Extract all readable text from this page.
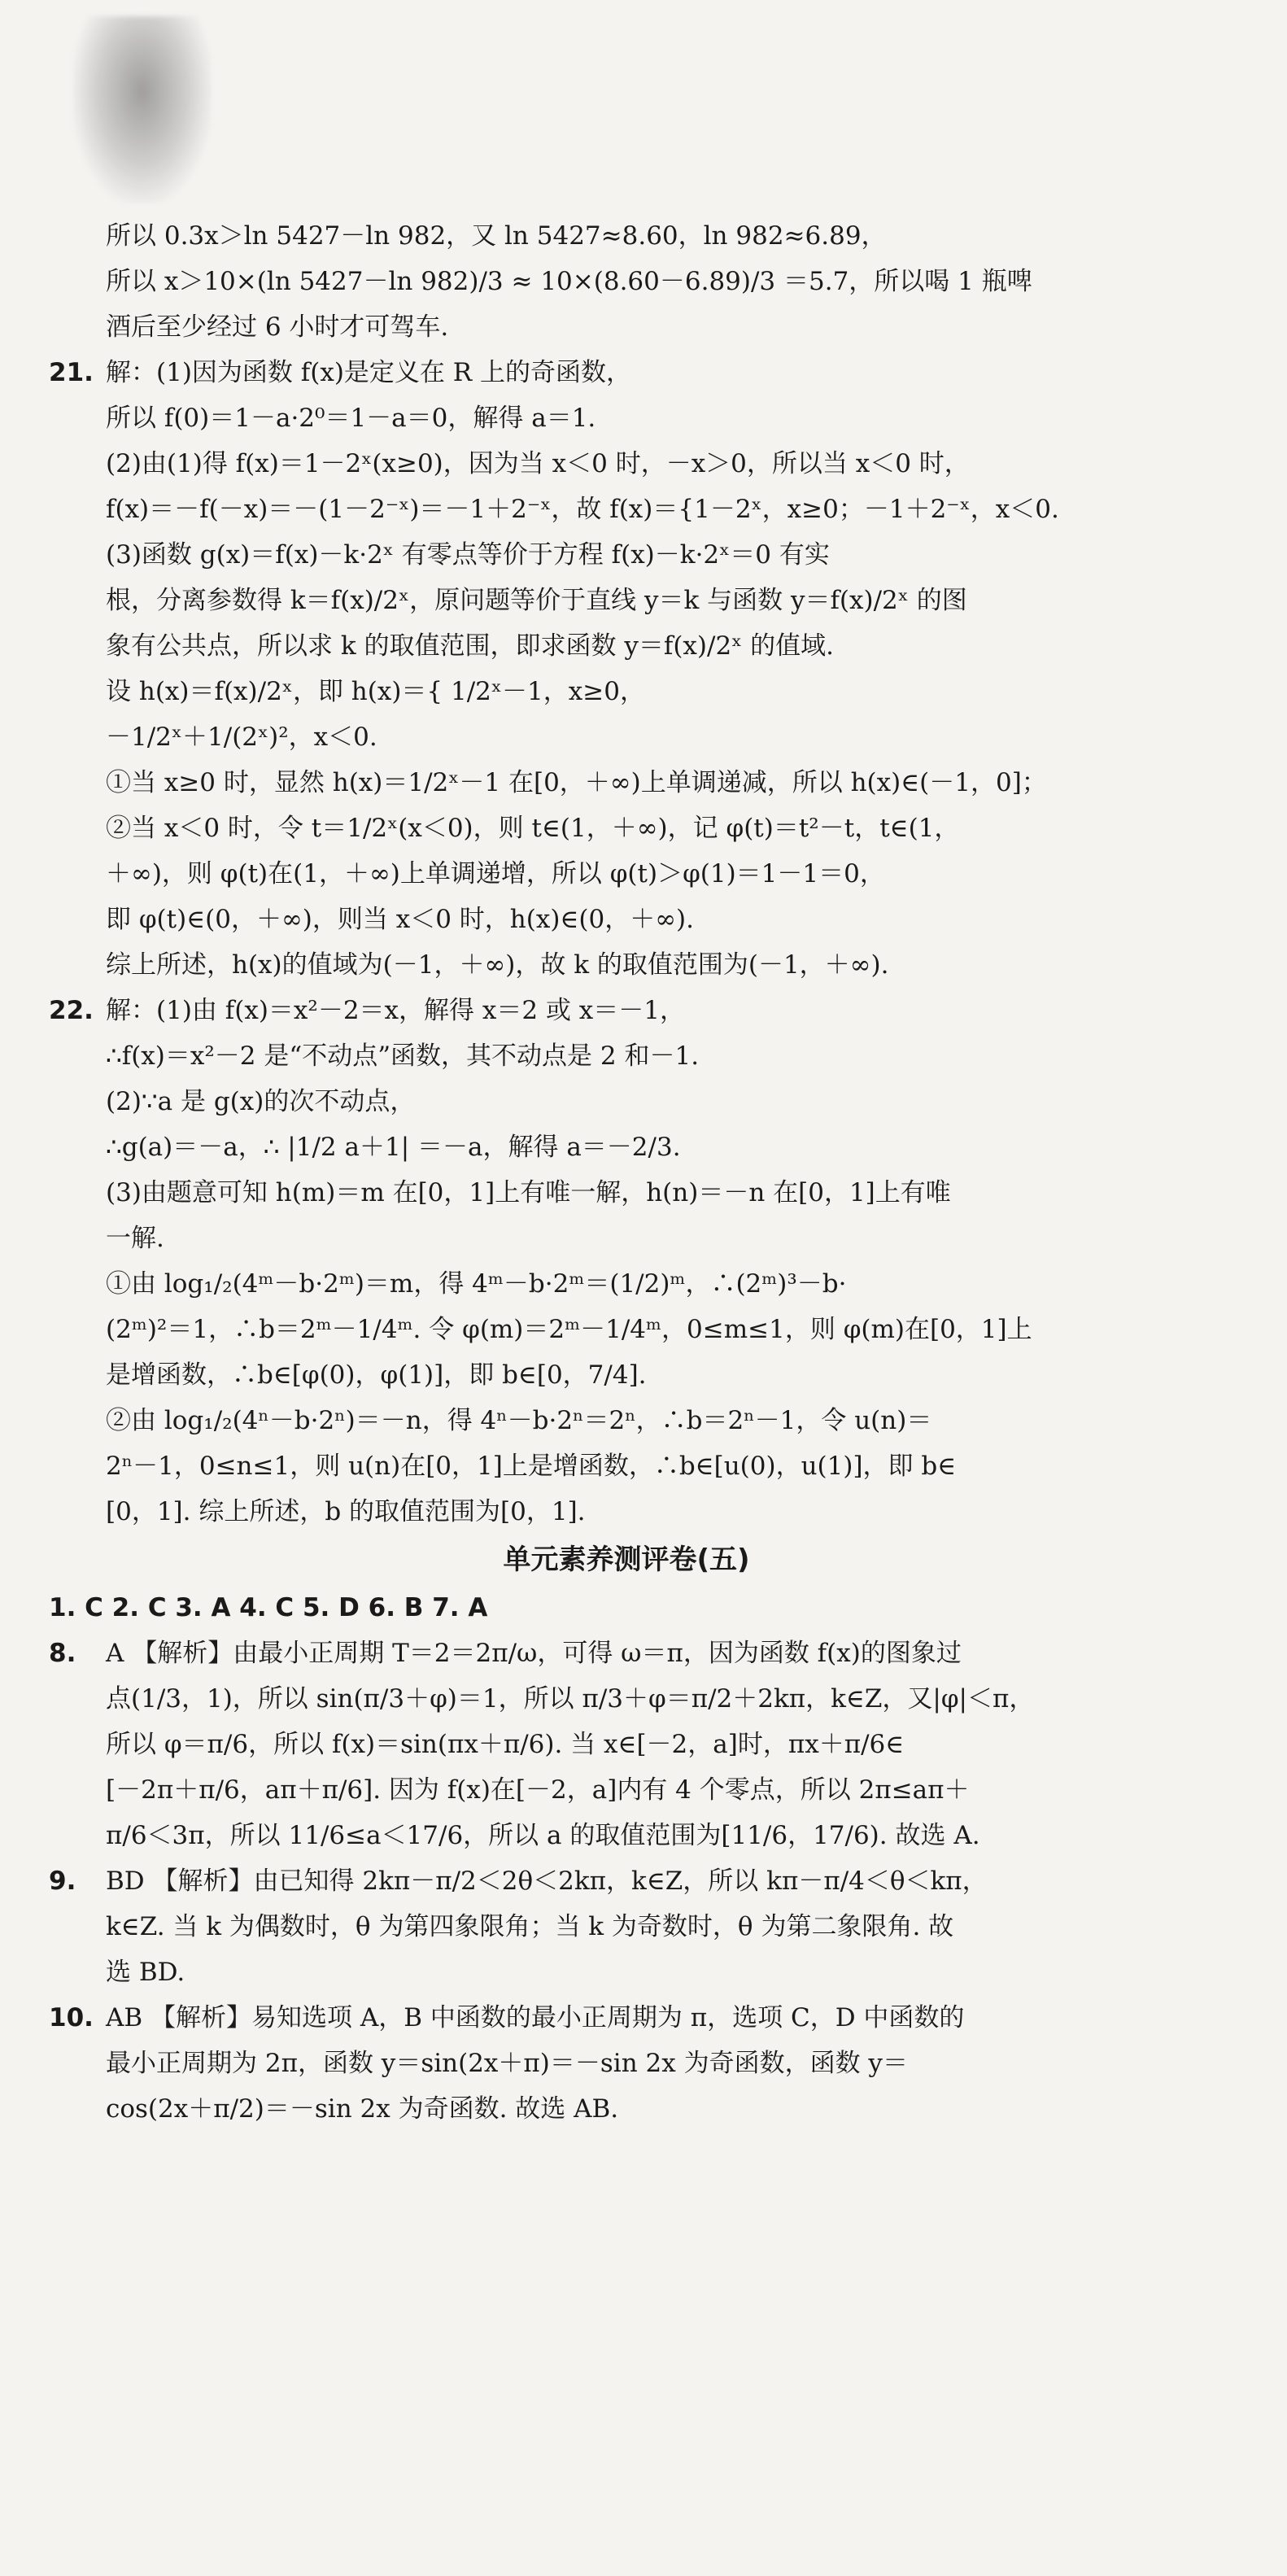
所以 0.3x＞ln 5427－ln 982，又 ln 5427≈8.60，ln 982≈6.89，
所以 x＞10×(ln 5427－ln 982)/3 ≈ 10×(8.60－6.89)/3 ＝5.7，所以喝 1 瓶啤
酒后至少经过 6 小时才可驾车.
21. 解：(1)因为函数 f(x)是定义在 R 上的奇函数，
所以 f(0)＝1－a·2⁰＝1－a＝0，解得 a＝1.
(2)由(1)得 f(x)＝1－2ˣ(x≥0)，因为当 x＜0 时，－x＞0，所以当 x＜0 时，
f(x)＝－f(－x)＝－(1－2⁻ˣ)＝－1＋2⁻ˣ，故 f(x)＝{1－2ˣ，x≥0；－1＋2⁻ˣ，x＜0.
(3)函数 g(x)＝f(x)－k·2ˣ 有零点等价于方程 f(x)－k·2ˣ＝0 有实
根，分离参数得 k＝f(x)/2ˣ，原问题等价于直线 y＝k 与函数 y＝f(x)/2ˣ 的图
象有公共点，所以求 k 的取值范围，即求函数 y＝f(x)/2ˣ 的值域.
设 h(x)＝f(x)/2ˣ，即 h(x)＝{ 1/2ˣ－1，x≥0，
－1/2ˣ＋1/(2ˣ)²，x＜0.
①当 x≥0 时，显然 h(x)＝1/2ˣ－1 在[0，＋∞)上单调递减，所以 h(x)∈(－1，0]；
②当 x＜0 时，令 t＝1/2ˣ(x＜0)，则 t∈(1，＋∞)，记 φ(t)＝t²－t，t∈(1，
＋∞)，则 φ(t)在(1，＋∞)上单调递增，所以 φ(t)＞φ(1)＝1－1＝0，
即 φ(t)∈(0，＋∞)，则当 x＜0 时，h(x)∈(0，＋∞).
综上所述，h(x)的值域为(－1，＋∞)，故 k 的取值范围为(－1，＋∞).
22. 解：(1)由 f(x)＝x²－2＝x，解得 x＝2 或 x＝－1，
∴f(x)＝x²－2 是“不动点”函数，其不动点是 2 和－1.
(2)∵a 是 g(x)的次不动点，
∴g(a)＝－a，∴ |1/2 a＋1| ＝－a，解得 a＝－2/3.
(3)由题意可知 h(m)＝m 在[0，1]上有唯一解，h(n)＝－n 在[0，1]上有唯
一解.
①由 log₁/₂(4ᵐ－b·2ᵐ)＝m，得 4ᵐ－b·2ᵐ＝(1/2)ᵐ，∴(2ᵐ)³－b·
(2ᵐ)²＝1，∴b＝2ᵐ－1/4ᵐ. 令 φ(m)＝2ᵐ－1/4ᵐ，0≤m≤1，则 φ(m)在[0，1]上
是增函数，∴b∈[φ(0)，φ(1)]，即 b∈[0，7/4].
②由 log₁/₂(4ⁿ－b·2ⁿ)＝－n，得 4ⁿ－b·2ⁿ＝2ⁿ，∴b＝2ⁿ－1，令 u(n)＝
2ⁿ－1，0≤n≤1，则 u(n)在[0，1]上是增函数，∴b∈[u(0)，u(1)]，即 b∈
[0，1]. 综上所述，b 的取值范围为[0，1].
单元素养测评卷(五)
1. C 2. C 3. A 4. C 5. D 6. B 7. A
8. A 【解析】由最小正周期 T＝2＝2π/ω，可得 ω＝π，因为函数 f(x)的图象过
点(1/3，1)，所以 sin(π/3＋φ)＝1，所以 π/3＋φ＝π/2＋2kπ，k∈Z，又|φ|＜π，
所以 φ＝π/6，所以 f(x)＝sin(πx＋π/6). 当 x∈[－2，a]时，πx＋π/6∈
[－2π＋π/6，aπ＋π/6]. 因为 f(x)在[－2，a]内有 4 个零点，所以 2π≤aπ＋
π/6＜3π，所以 11/6≤a＜17/6，所以 a 的取值范围为[11/6，17/6). 故选 A.
9. BD 【解析】由已知得 2kπ－π/2＜2θ＜2kπ，k∈Z，所以 kπ－π/4＜θ＜kπ，
k∈Z. 当 k 为偶数时，θ 为第四象限角；当 k 为奇数时，θ 为第二象限角. 故
选 BD.
10. AB 【解析】易知选项 A，B 中函数的最小正周期为 π，选项 C，D 中函数的
最小正周期为 2π，函数 y＝sin(2x＋π)＝－sin 2x 为奇函数，函数 y＝
cos(2x＋π/2)＝－sin 2x 为奇函数. 故选 AB.
